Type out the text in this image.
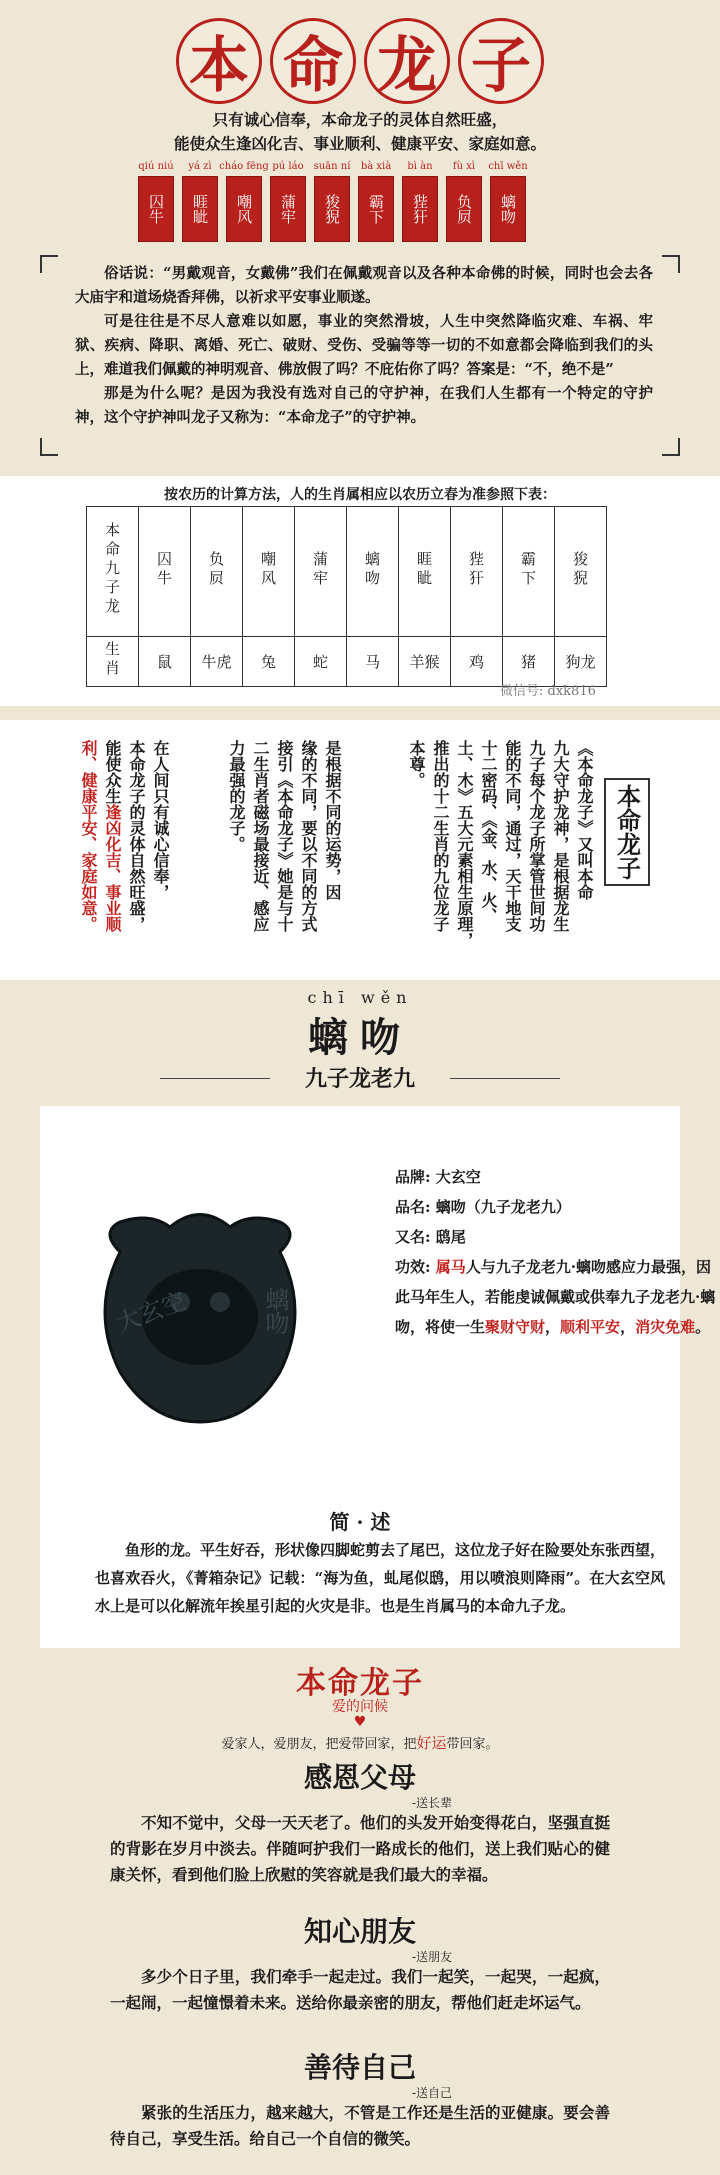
本 命 龙 子
只有诚心信奉，本命龙子的灵体自然旺盛，
能使众生逢凶化吉、事业顺利、健康平安、家庭如意。
qiú niú
囚牛
yá zì
睚眦
cháo fēng
嘲风
pú láo
蒲牢
suān ní
狻猊
bà xià
霸下
bì àn
狴犴
fù xì
负屃
chī wěn
螭吻

俗话说：“男戴观音，女戴佛”我们在佩戴观音以及各种本命佛的时候，同时也会去各大庙宇和道场烧香拜佛，以祈求平安事业顺遂。

可是往往是不尽人意难以如愿，事业的突然滑坡，人生中突然降临灾难、车祸、牢狱、疾病、降职、离婚、死亡、破财、受伤、受骗等等一切的不如意都会降临到我们的头上，难道我们佩戴的神明观音、佛放假了吗？不庇佑你了吗？答案是：“不，绝不是”

那是为什么呢？是因为我没有选对自己的守护神，在我们人生都有一个特定的守护神，这个守护神叫龙子又称为：“本命龙子”的守护神。

按农历的计算方法，人的生肖属相应以农历立春为准参照下表：
本命九子龙	囚牛	负屃	嘲风	蒲牢	螭吻	睚眦	狴犴	霸下	狻猊
生肖	鼠	牛虎	兔	蛇	马	羊猴	鸡	猪	狗龙
微信号: dxk816
本命龙子
《本命龙子》又叫本命
九大守护龙神，是根据龙生
九子每个龙子所掌管世间功
能的不同，通过，天干地支
十二密码、《金、水、火、
土、木》五大元素相生原理，
推出的十二生肖的九位龙子
本尊。
是根据不同的运势，因
缘的不同，要以不同的方式
接引《本命龙子》她是与十
二生肖者磁场最接近、感应
力最强的龙子。
在人间只有诚心信奉，
本命龙子的灵体自然旺盛，
能使众生逢凶化吉、事业顺
利、健康平安、家庭如意。
chī wěn
螭吻
九子龙老九
大玄空	螭吻
品牌: 大玄空
品名: 螭吻（九子龙老九）
又名: 鸱尾
功效: 属马人与九子龙老九·螭吻感应力最强，因此马年生人，若能虔诚佩戴或供奉九子龙老九·螭吻，将使一生聚财守财，顺利平安，消灾免难。
简 · 述
鱼形的龙。平生好吞，形状像四脚蛇剪去了尾巴，这位龙子好在险要处东张西望，也喜欢吞火，《菁箱杂记》记载：“海为鱼，虬尾似鸱，用以喷浪则降雨”。在大玄空风水上是可以化解流年挨星引起的火灾是非。也是生肖属马的本命九子龙。
本命龙子
爱的问候
♥
爱家人，爱朋友，把爱带回家，把好运带回家。
感恩父母
-送长辈
不知不觉中，父母一天天老了。他们的头发开始变得花白，坚强直挺的背影在岁月中淡去。伴随呵护我们一路成长的他们，送上我们贴心的健康关怀，看到他们脸上欣慰的笑容就是我们最大的幸福。
知心朋友
-送朋友
多少个日子里，我们牵手一起走过。我们一起笑，一起哭，一起疯，一起闹，一起憧憬着未来。送给你最亲密的朋友，帮他们赶走坏运气。
善待自己
-送自己
紧张的生活压力，越来越大，不管是工作还是生活的亚健康。要会善待自己，享受生活。给自己一个自信的微笑。
